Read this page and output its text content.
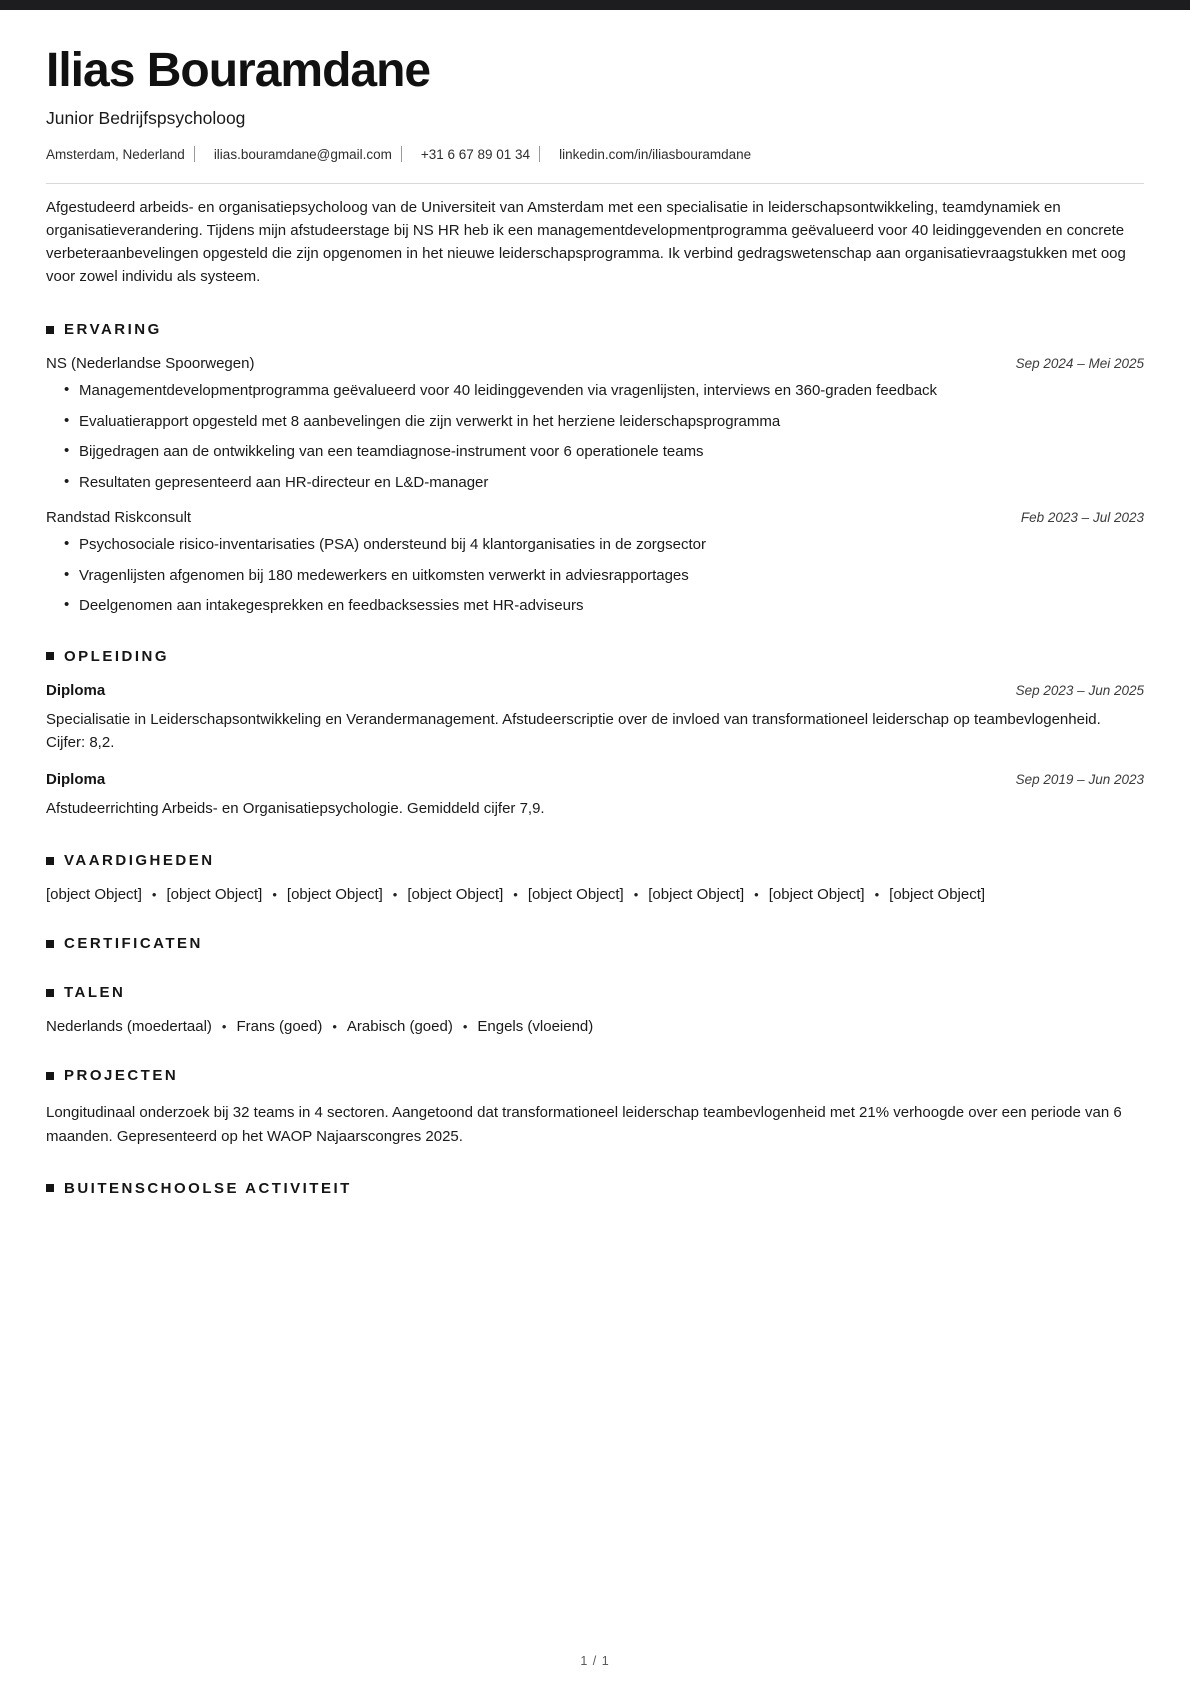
Ilias Bouramdane
Junior Bedrijfspsycholoog
Amsterdam, Nederland ilias.bouramdane@gmail.com +31 6 67 89 01 34 linkedin.com/in/iliasbouramdane

Afgestudeerd arbeids- en organisatiepsycholoog van de Universiteit van Amsterdam met een specialisatie in leiderschapsontwikkeling, teamdynamiek en organisatieverandering. Tijdens mijn afstudeerstage bij NS HR heb ik een managementdevelopmentprogramma geëvalueerd voor 40 leidinggevenden en concrete verbeteraanbevelingen opgesteld die zijn opgenomen in het nieuwe leiderschapsprogramma. Ik verbind gedragswetenschap aan organisatievraagstukken met oog voor zowel individu als systeem.

ERVARING
NS (Nederlandse Spoorwegen)	Sep 2024 – Mei 2025
• Managementdevelopmentprogramma geëvalueerd voor 40 leidinggevenden via vragenlijsten, interviews en 360-graden feedback
• Evaluatierapport opgesteld met 8 aanbevelingen die zijn verwerkt in het herziene leiderschapsprogramma
• Bijgedragen aan de ontwikkeling van een teamdiagnose-instrument voor 6 operationele teams
• Resultaten gepresenteerd aan HR-directeur en L&D-manager
Randstad Riskconsult	Feb 2023 – Jul 2023
• Psychosociale risico-inventarisaties (PSA) ondersteund bij 4 klantorganisaties in de zorgsector
• Vragenlijsten afgenomen bij 180 medewerkers en uitkomsten verwerkt in adviesrapportages
• Deelgenomen aan intakegesprekken en feedbacksessies met HR-adviseurs
OPLEIDING
Diploma	Sep 2023 – Jun 2025

Specialisatie in Leiderschapsontwikkeling en Verandermanagement. Afstudeerscriptie over de invloed van transformationeel leiderschap op teambevlogenheid. Cijfer: 8,2.

Diploma	Sep 2019 – Jun 2023

Afstudeerrichting Arbeids- en Organisatiepsychologie. Gemiddeld cijfer 7,9.

VAARDIGHEDEN
[object Object] • [object Object] • [object Object] • [object Object] • [object Object] • [object Object] • [object Object] • [object Object]
CERTIFICATEN
TALEN
Nederlands (moedertaal) • Frans (goed) • Arabisch (goed) • Engels (vloeiend)
PROJECTEN

Longitudinaal onderzoek bij 32 teams in 4 sectoren. Aangetoond dat transformationeel leiderschap teambevlogenheid met 21% verhoogde over een periode van 6 maanden. Gepresenteerd op het WAOP Najaarscongres 2025.

BUITENSCHOOLSE ACTIVITEIT
1 / 1
